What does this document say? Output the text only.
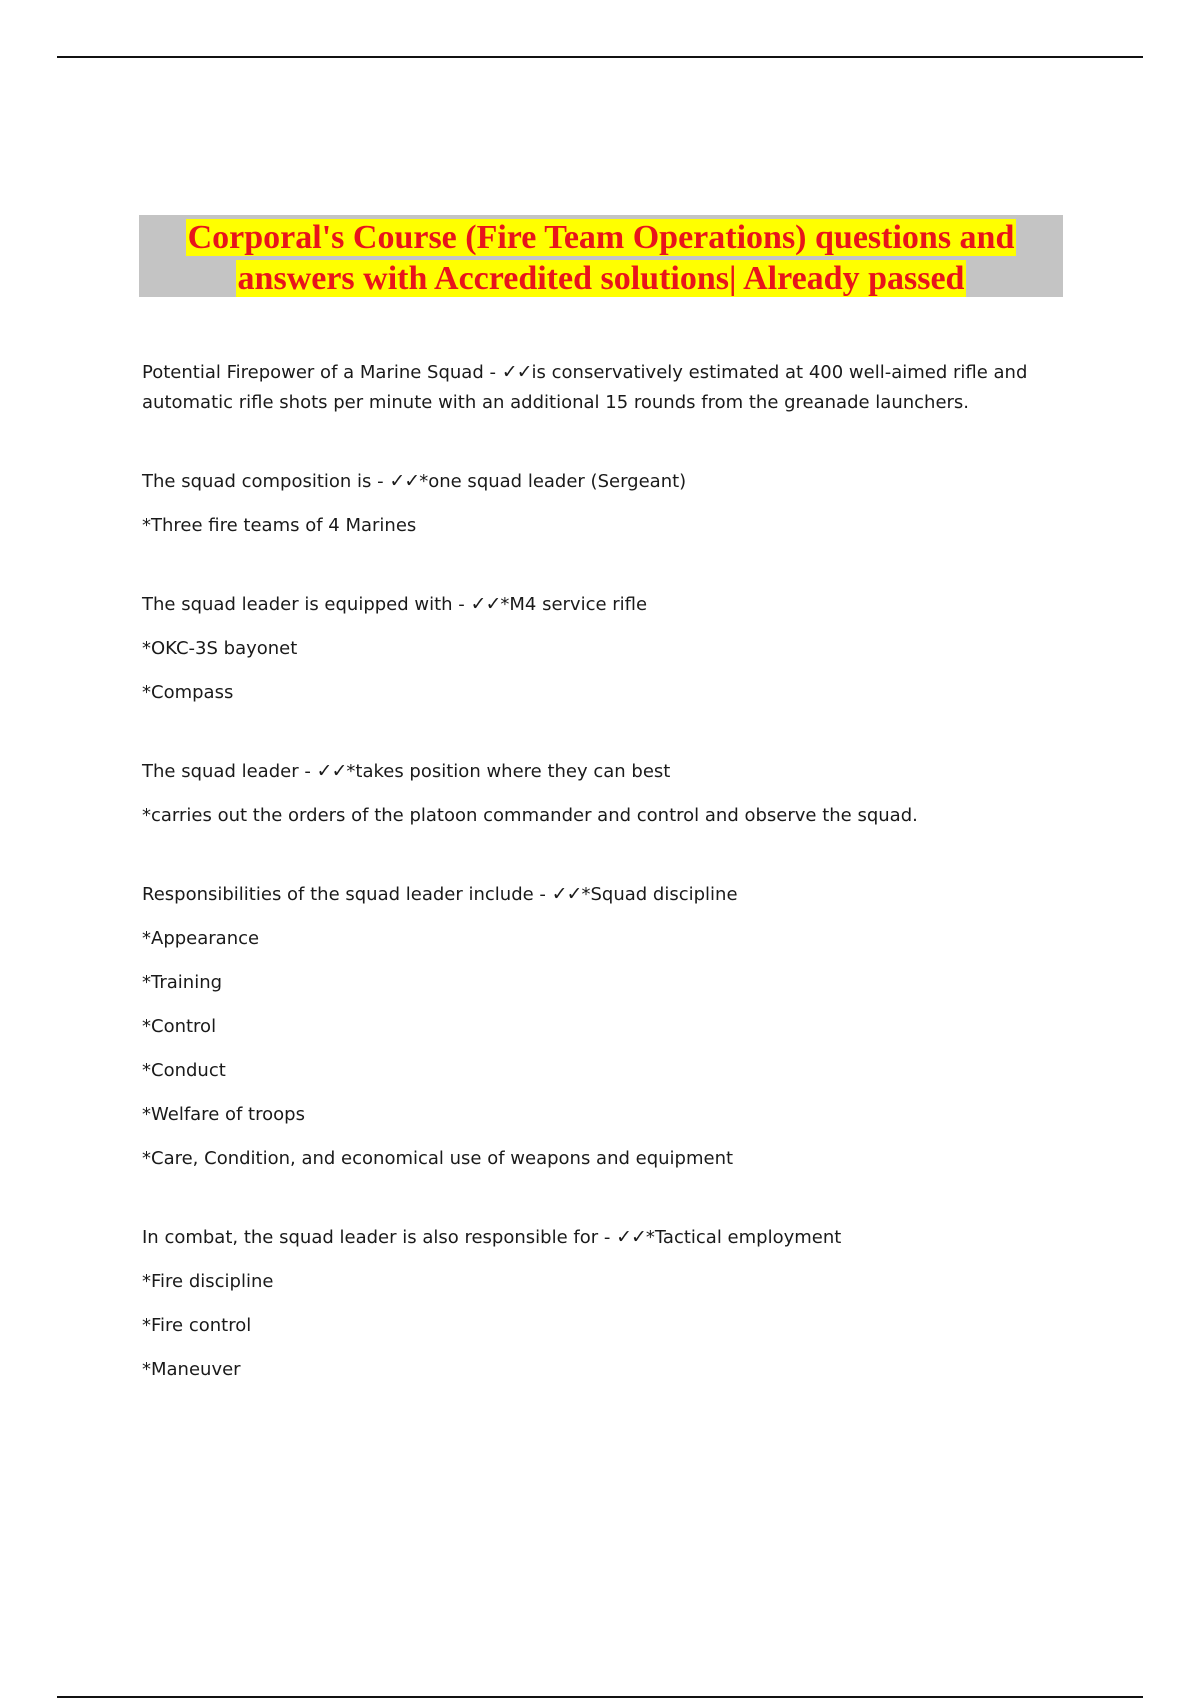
Corporal's Course (Fire Team Operations) questions and
answers with Accredited solutions| Already passed

Potential Firepower of a Marine Squad - ✓✓is conservatively estimated at 400 well-aimed rifle and automatic rifle shots per minute with an additional 15 rounds from the greanade launchers.

The squad composition is - ✓✓*one squad leader (Sergeant)

*Three fire teams of 4 Marines

The squad leader is equipped with - ✓✓*M4 service rifle

*OKC-3S bayonet

*Compass

The squad leader - ✓✓*takes position where they can best

*carries out the orders of the platoon commander and control and observe the squad.

Responsibilities of the squad leader include - ✓✓*Squad discipline

*Appearance

*Training

*Control

*Conduct

*Welfare of troops

*Care, Condition, and economical use of weapons and equipment

In combat, the squad leader is also responsible for - ✓✓*Tactical employment

*Fire discipline

*Fire control

*Maneuver
